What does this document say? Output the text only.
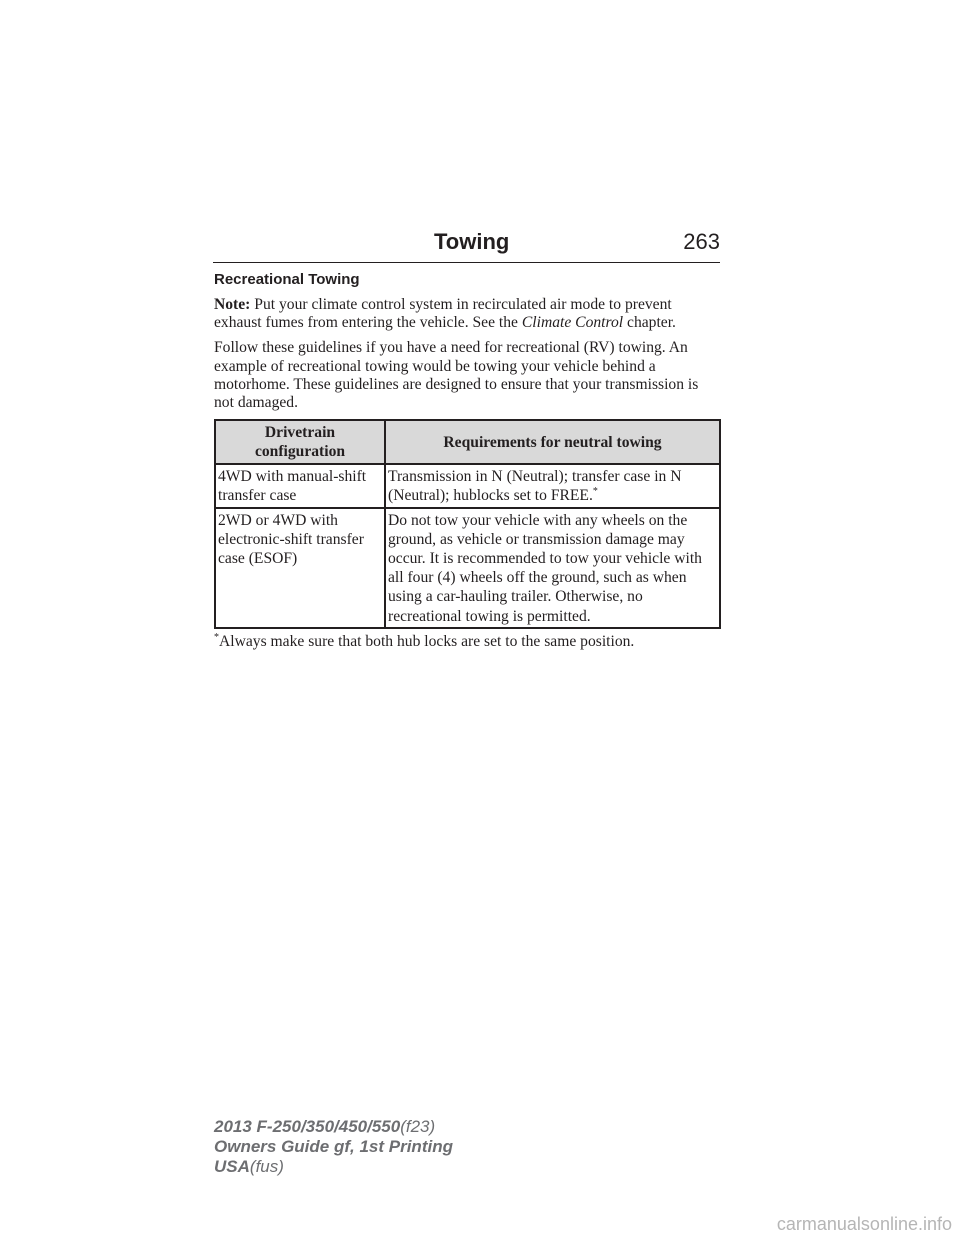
Towing	263
Recreational Towing

Note: Put your climate control system in recirculated air mode to prevent exhaust fumes from entering the vehicle. See the Climate Control chapter.

Follow these guidelines if you have a need for recreational (RV) towing. An example of recreational towing would be towing your vehicle behind a motorhome. These guidelines are designed to ensure that your transmission is not damaged.

Drivetrain configuration	Requirements for neutral towing
4WD with manual-shift transfer case	Transmission in N (Neutral); transfer case in N (Neutral); hublocks set to FREE.*
2WD or 4WD with electronic-shift transfer case (ESOF)	Do not tow your vehicle with any wheels on the ground, as vehicle or transmission damage may occur. It is recommended to tow your vehicle with all four (4) wheels off the ground, such as when using a car-hauling trailer. Otherwise, no recreational towing is permitted.
*Always make sure that both hub locks are set to the same position.
2013 F-250/350/450/550(f23)
Owners Guide gf, 1st Printing
USA(fus)
carmanualsonline.info
